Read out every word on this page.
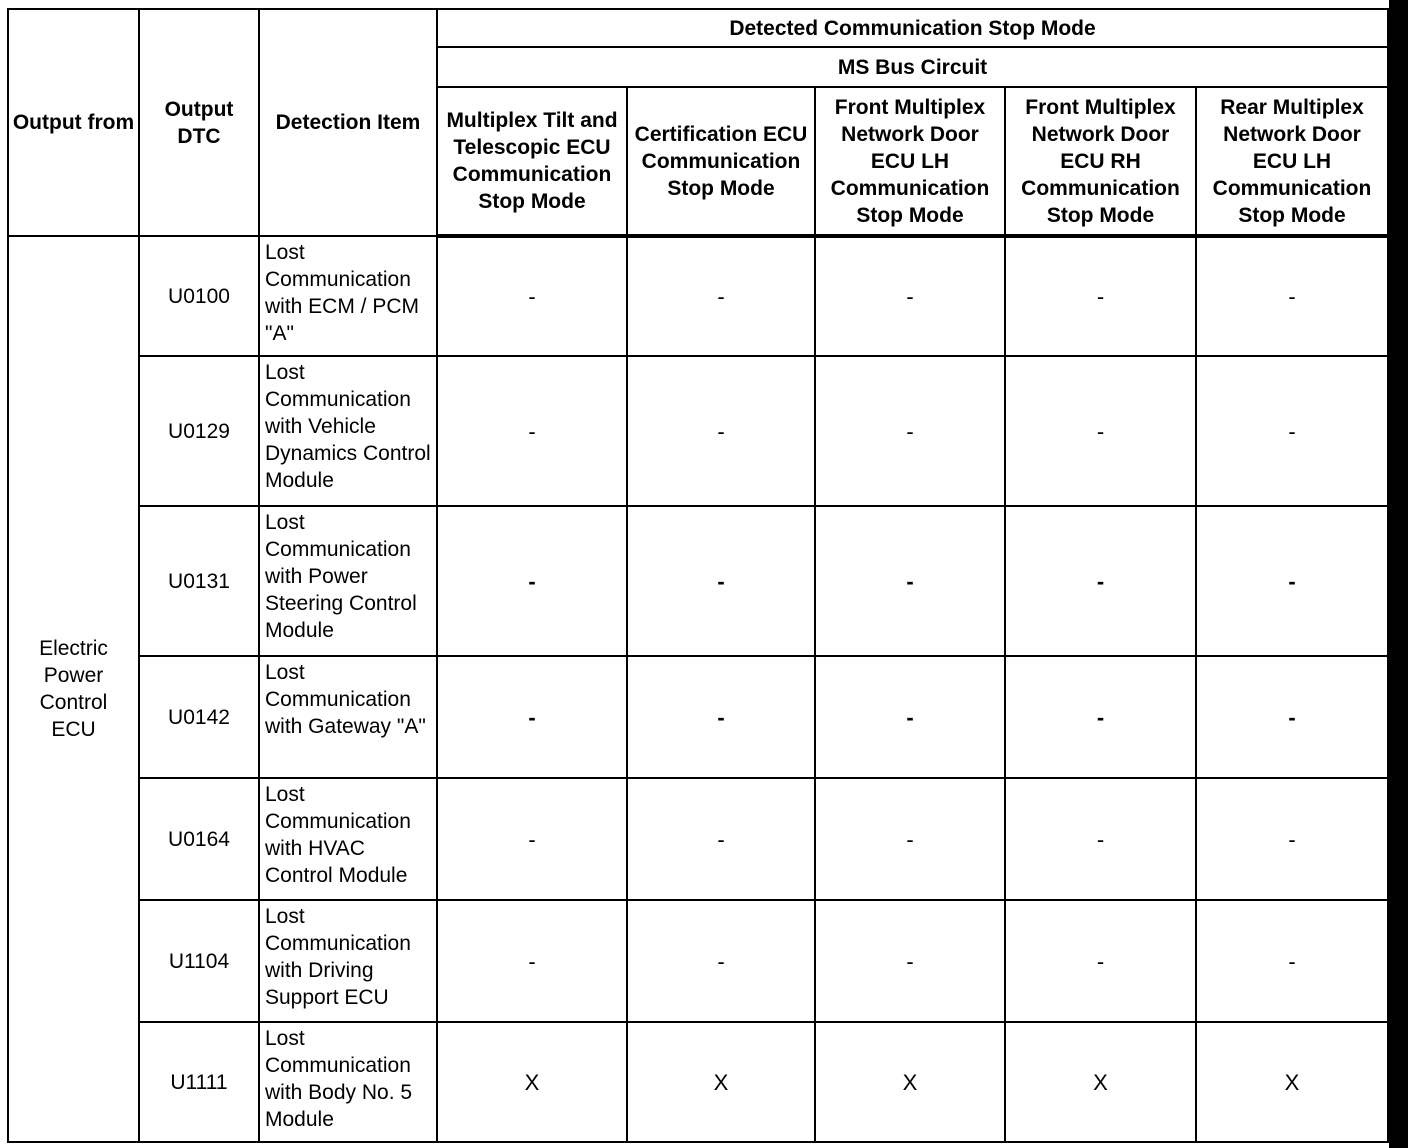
Output from	Output DTC	Detection Item	Detected Communication Stop Mode				
			MS Bus Circuit				
			Multiplex Tilt and Telescopic ECU Communication Stop Mode	Certification ECU Communication Stop Mode	Front Multiplex Network Door ECU LH Communication Stop Mode	Front Multiplex Network Door ECU RH Communication Stop Mode	Rear Multiplex Network Door ECU LH Communication Stop Mode
Electric Power Control ECU	U0100	Lost Communication with ECM / PCM "A"	-	-	-	-	-
	U0129	Lost Communication with Vehicle Dynamics Control Module	-	-	-	-	-
	U0131	Lost Communication with Power Steering Control Module	-	-	-	-	-
	U0142	Lost Communication with Gateway "A"	-	-	-	-	-
	U0164	Lost Communication with HVAC Control Module	-	-	-	-	-
	U1104	Lost Communication with Driving Support ECU	-	-	-	-	-
	U1111	Lost Communication with Body No. 5 Module	X	X	X	X	X
